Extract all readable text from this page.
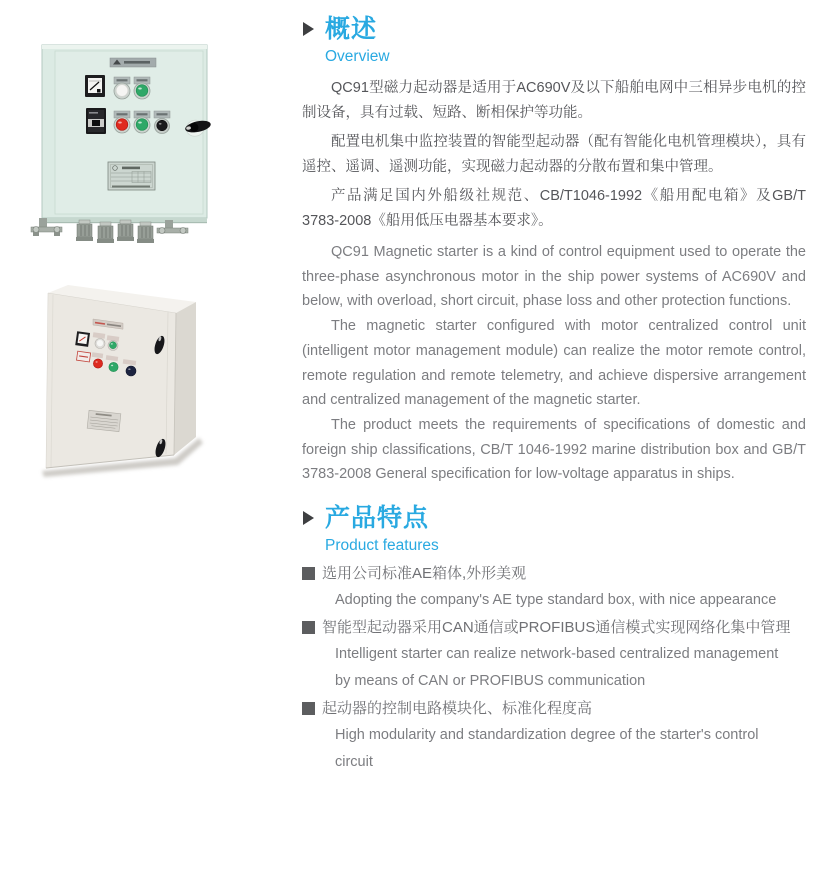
概述
Overview

QC91型磁力起动器是适用于AC690V及以下船舶电网中三相异步电机的控制设备，具有过载、短路、断相保护等功能。

配置电机集中监控装置的智能型起动器（配有智能化电机管理模块），具有遥控、遥调、遥测功能，实现磁力起动器的分散布置和集中管理。

产品满足国内外船级社规范、CB/T1046-1992《船用配电箱》及GB/T 3783-2008《船用低压电器基本要求》。

QC91 Magnetic starter is a kind of control equipment used to operate the three-phase asynchronous motor in the ship power systems of AC690V and below, with overload, short circuit, phase loss and other protection functions.

The magnetic starter configured with motor centralized control unit (intelligent motor management module) can realize the motor remote control, remote regulation and remote telemetry, and achieve dispersive arrangement and centralized management of the magnetic starter.

The product meets the requirements of specifications of domestic and foreign ship classifications, CB/T 1046-1992 marine distribution box and GB/T 3783-2008 General specification for low-voltage apparatus in ships.

产品特点
Product features

选用公司标准AE箱体,外形美观

Adopting the company's AE type standard box, with nice appearance

智能型起动器采用CAN通信或PROFIBUS通信模式实现网络化集中管理

Intelligent starter can realize network-based centralized management by means of CAN or PROFIBUS communication

起动器的控制电路模块化、标准化程度高

High modularity and standardization degree of the starter's control circuit
